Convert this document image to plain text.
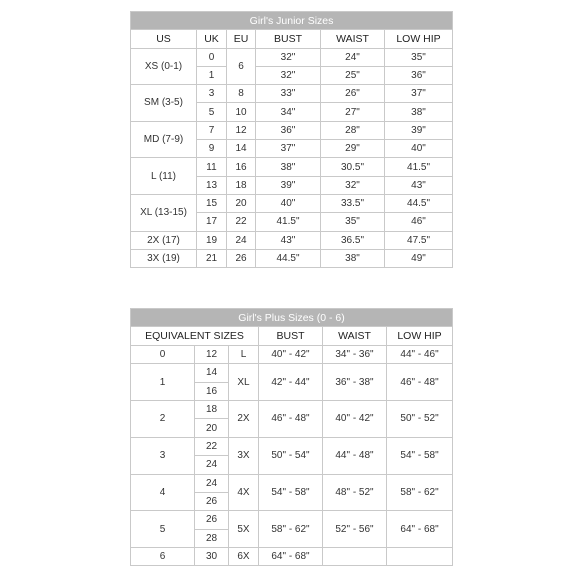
Girl's Junior Sizes					
US	UK	EU	BUST	WAIST	LOW HIP
XS (0-1)	0	6	32"	24"	35"
	1		32"	25"	36"
SM (3-5)	3	8	33"	26"	37"
	5	10	34"	27"	38"
MD (7-9)	7	12	36"	28"	39"
	9	14	37"	29"	40"
L (11)	11	16	38"	30.5"	41.5"
	13	18	39"	32"	43"
XL (13-15)	15	20	40"	33.5"	44.5"
	17	22	41.5"	35"	46"
2X (17)	19	24	43"	36.5"	47.5"
3X (19)	21	26	44.5"	38"	49"
Girl's Plus Sizes (0 - 6)					
EQUIVALENT SIZES			BUST	WAIST	LOW HIP
0	12	L	40" - 42"	34" - 36"	44" - 46"
1	14	XL	42" - 44"	36" - 38"	46" - 48"
	16				
2	18	2X	46" - 48"	40" - 42"	50" - 52"
	20				
3	22	3X	50" - 54"	44" - 48"	54" - 58"
	24				
4	24	4X	54" - 58"	48" - 52"	58" - 62"
	26				
5	26	5X	58" - 62"	52" - 56"	64" - 68"
	28				
6	30	6X	64" - 68"		
